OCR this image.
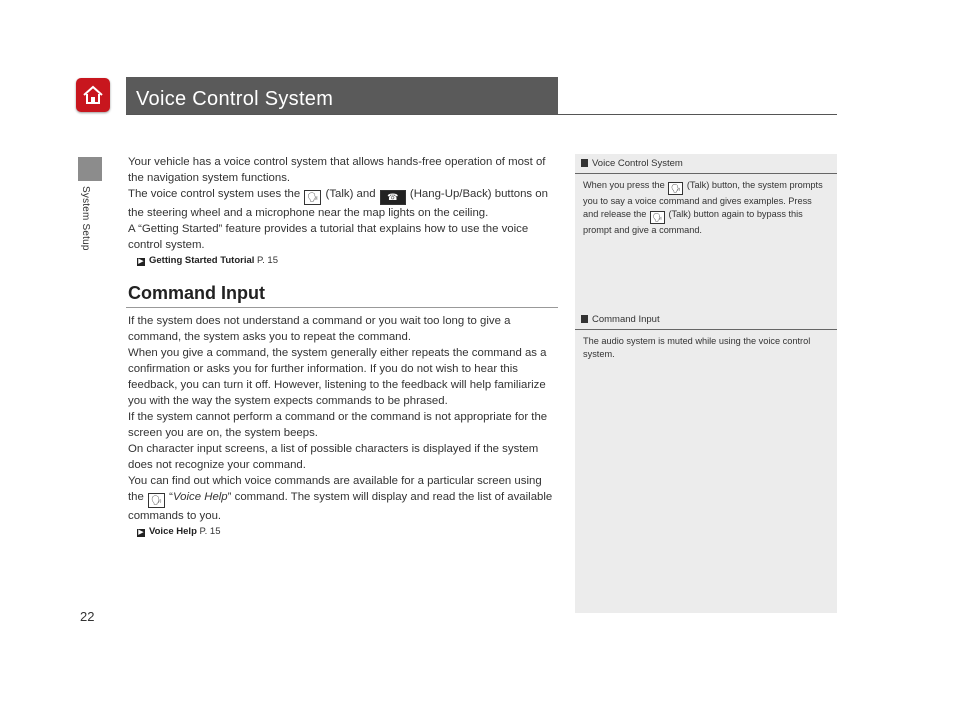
System Setup
22
Voice Control System

Your vehicle has a voice control system that allows hands-free operation of most of the navigation system functions.

The voice control system uses the 🗣︎ (Talk) and ☎︎ (Hang-Up/Back) buttons on the steering wheel and a microphone near the map lights on the ceiling.

A “Getting Started” feature provides a tutorial that explains how to use the voice control system.

▶︎ Getting Started Tutorial P. 15
Command Input

If the system does not understand a command or you wait too long to give a command, the system asks you to repeat the command.

When you give a command, the system generally either repeats the command as a confirmation or asks you for further information. If you do not wish to hear this feedback, you can turn it off. However, listening to the feedback will help familiarize you with the way the system expects commands to be phrased.

If the system cannot perform a command or the command is not appropriate for the screen you are on, the system beeps.

On character input screens, a list of possible characters is displayed if the system does not recognize your command.

You can find out which voice commands are available for a particular screen using the 🗣︎ “Voice Help” command. The system will display and read the list of available commands to you.

▶︎ Voice Help P. 15
Voice Control System
When you press the 🗣︎ (Talk) button, the system prompts you to say a voice command and gives examples. Press and release the 🗣︎ (Talk) button again to bypass this prompt and give a command.
Command Input
The audio system is muted while using the voice control system.
